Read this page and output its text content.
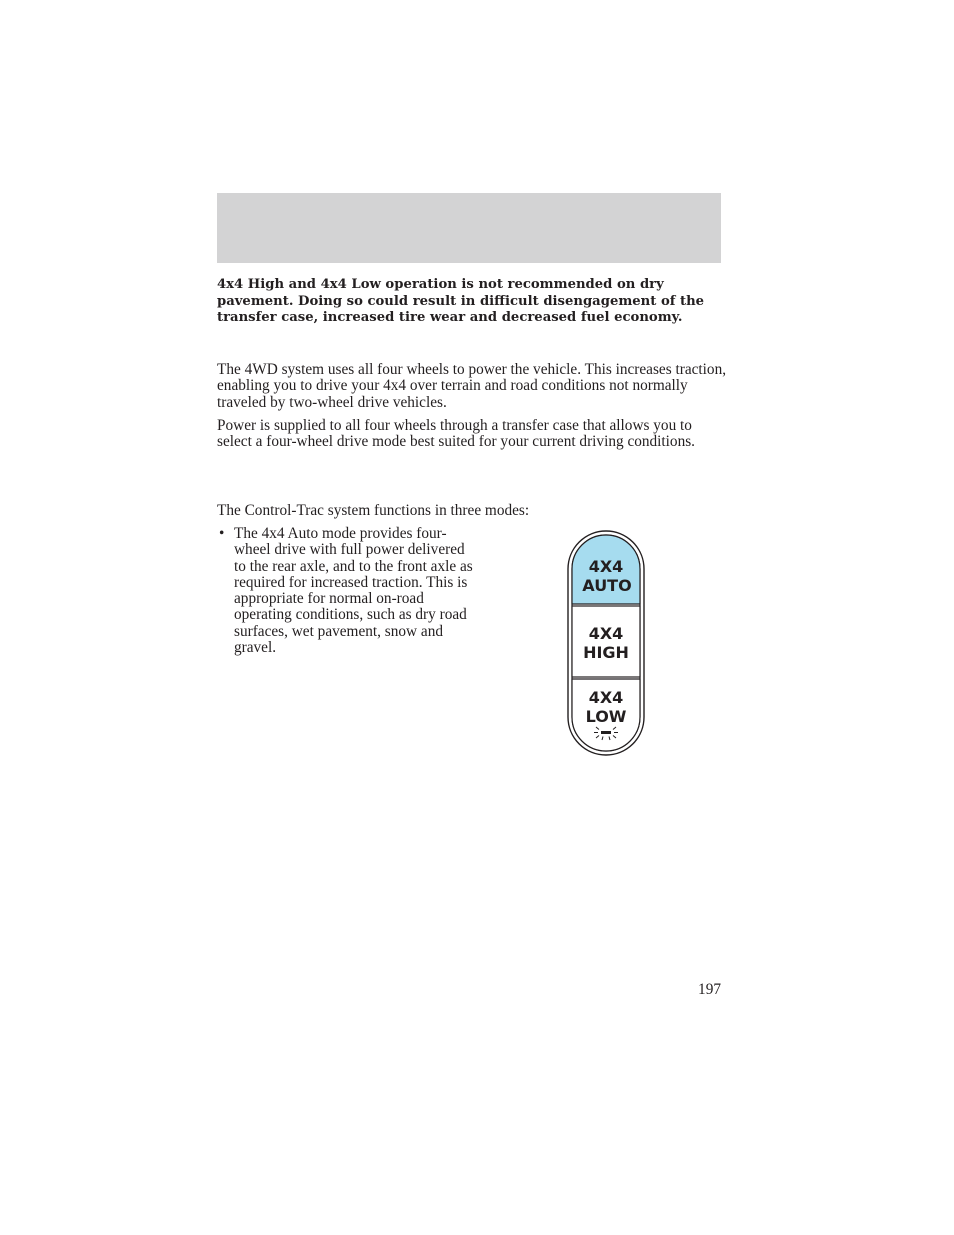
4x4 High and 4x4 Low operation is not recommended on dry pavement. Doing so could result in difficult disengagement of the transfer case, increased tire wear and decreased fuel economy.

The 4WD system uses all four wheels to power the vehicle. This increases traction, enabling you to drive your 4x4 over terrain and road conditions not normally traveled by two-wheel drive vehicles.

Power is supplied to all four wheels through a transfer case that allows you to select a four-wheel drive mode best suited for your current driving conditions.

The Control-Trac system functions in three modes:

• The 4x4 Auto mode provides four-wheel drive with full power delivered to the rear axle, and to the front axle as required for increased traction. This is appropriate for normal on-road operating conditions, such as dry road surfaces, wet pavement, snow and gravel.
4X4
AUTO
4X4
HIGH
4X4
LOW
197
